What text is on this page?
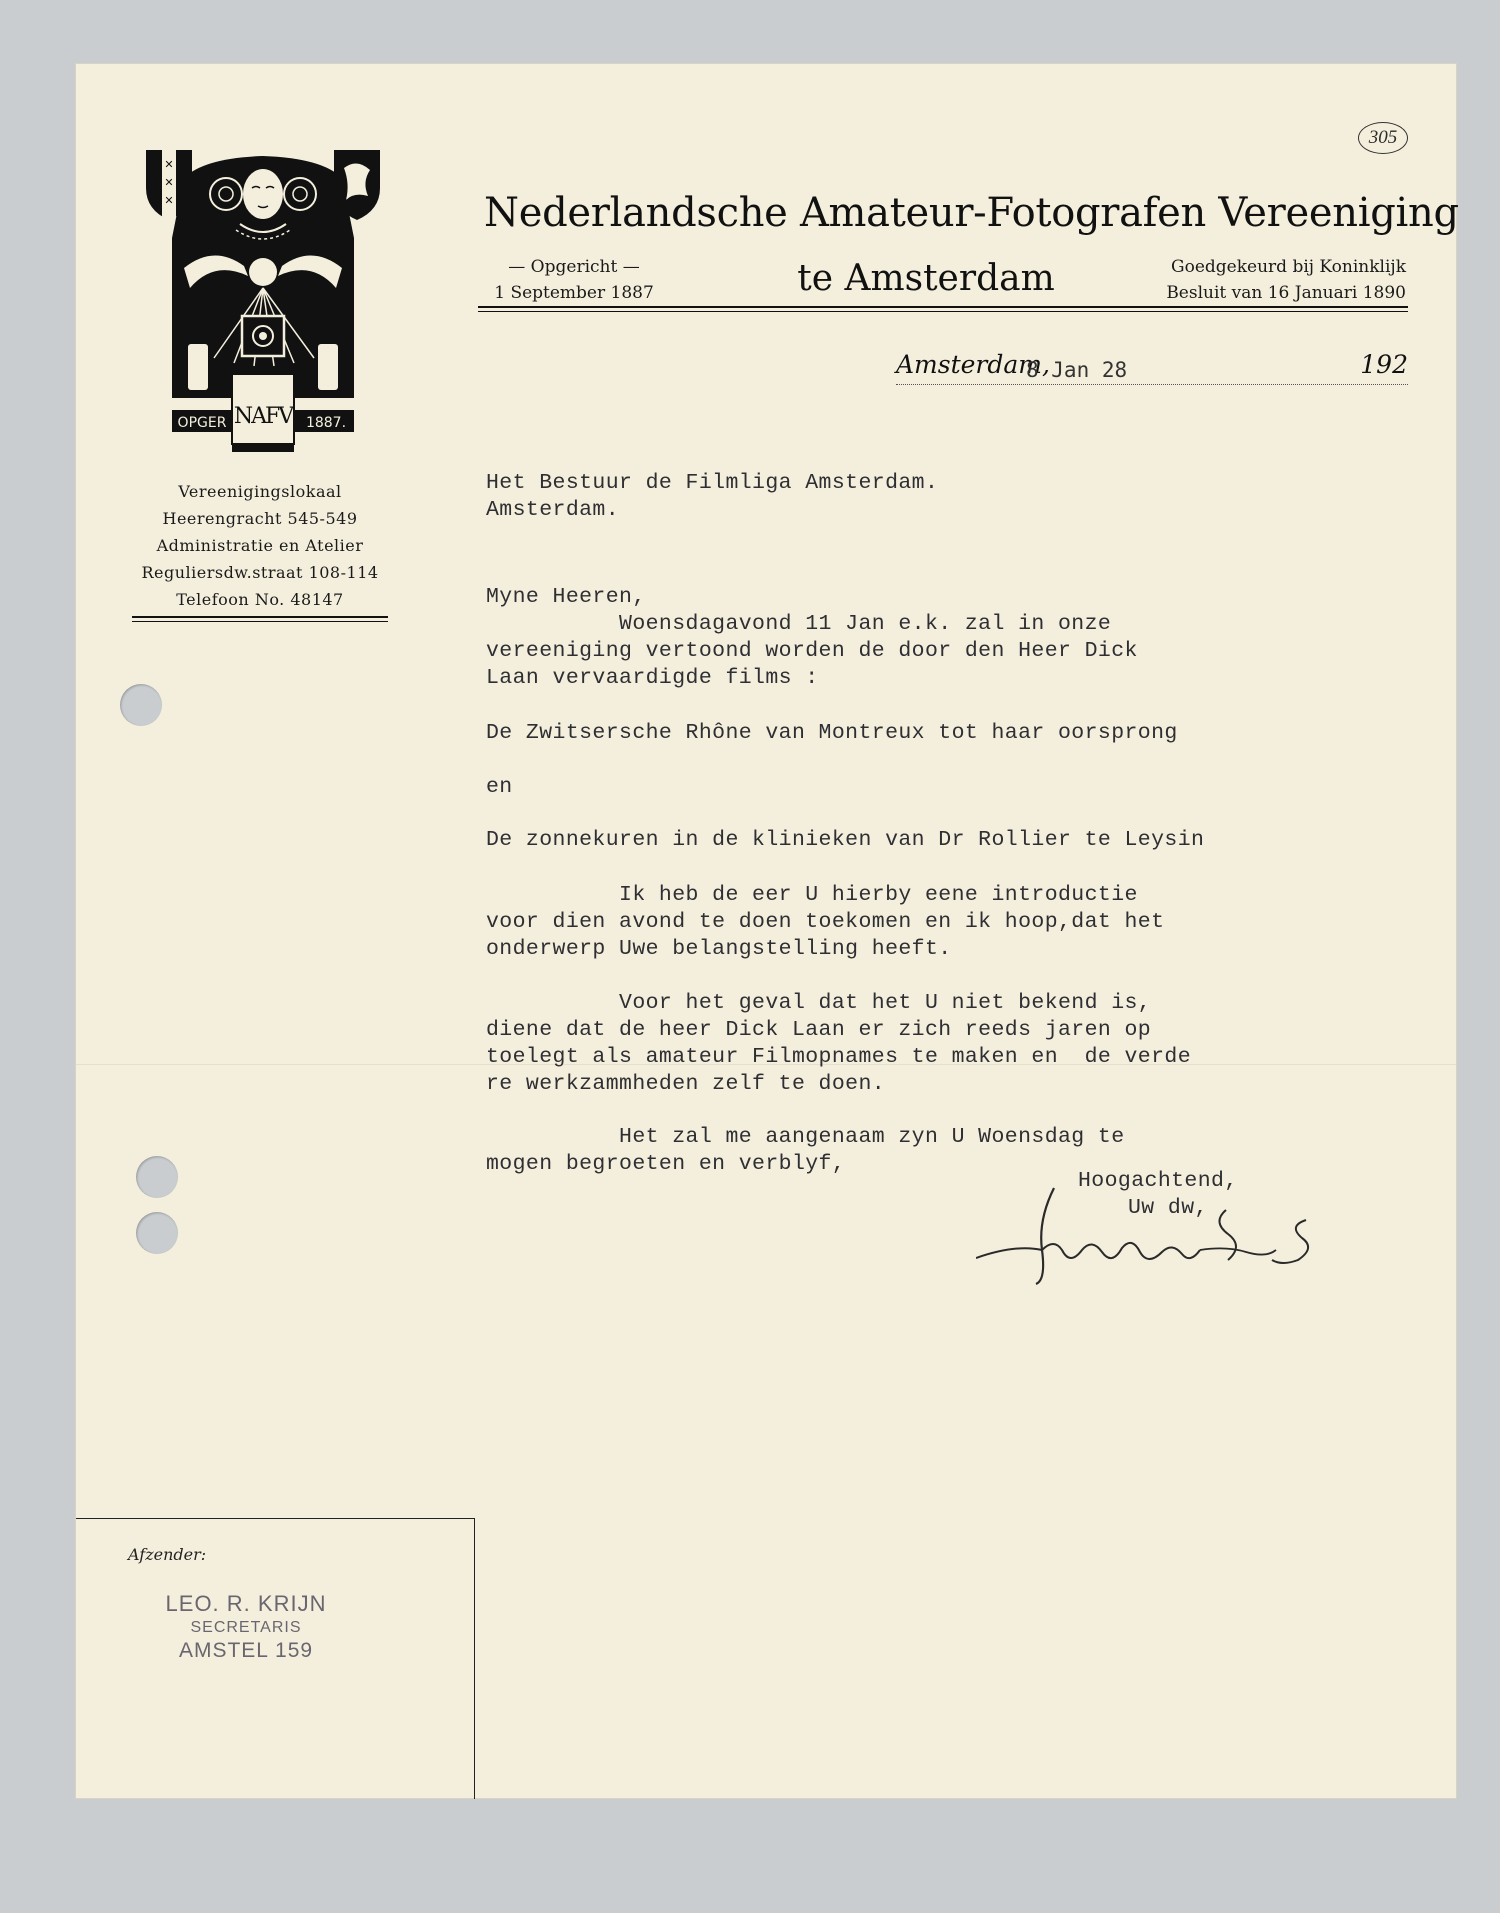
305
✕
✕
✕
OPGER	1887.
NAFV
Vereenigingslokaal
Heerengracht 545-549
Administratie en Atelier
Reguliersdw.straat 108-114
Telefoon No. 48147
Nederlandsche Amateur-Fotografen Vereeniging
— Opgericht —
1 September 1887	te Amsterdam	Goedgekeurd bij Koninklijk
Besluit van 16 Januari 1890
Amsterdam,
8 Jan 28	192
Het Bestuur de Filmliga Amsterdam.
Amsterdam.
Myne Heeren,
Woensdagavond 11 Jan e.k. zal in onze
vereeniging vertoond worden de door den Heer Dick
Laan vervaardigde films :
De Zwitsersche Rhône van Montreux tot haar oorsprong
en
De zonnekuren in de klinieken van Dr Rollier te Leysin
Ik heb de eer U hierby eene introductie
voor dien avond te doen toekomen en ik hoop,dat het
onderwerp Uwe belangstelling heeft.
Voor het geval dat het U niet bekend is,
diene dat de heer Dick Laan er zich reeds jaren op
toelegt als amateur Filmopnames te maken en  de verde
re werkzammheden zelf te doen.
Het zal me aangenaam zyn U Woensdag te
mogen begroeten en verblyf,
Hoogachtend,
Uw dw,
Afzender:
LEO. R. KRIJN
SECRETARIS
AMSTEL 159
